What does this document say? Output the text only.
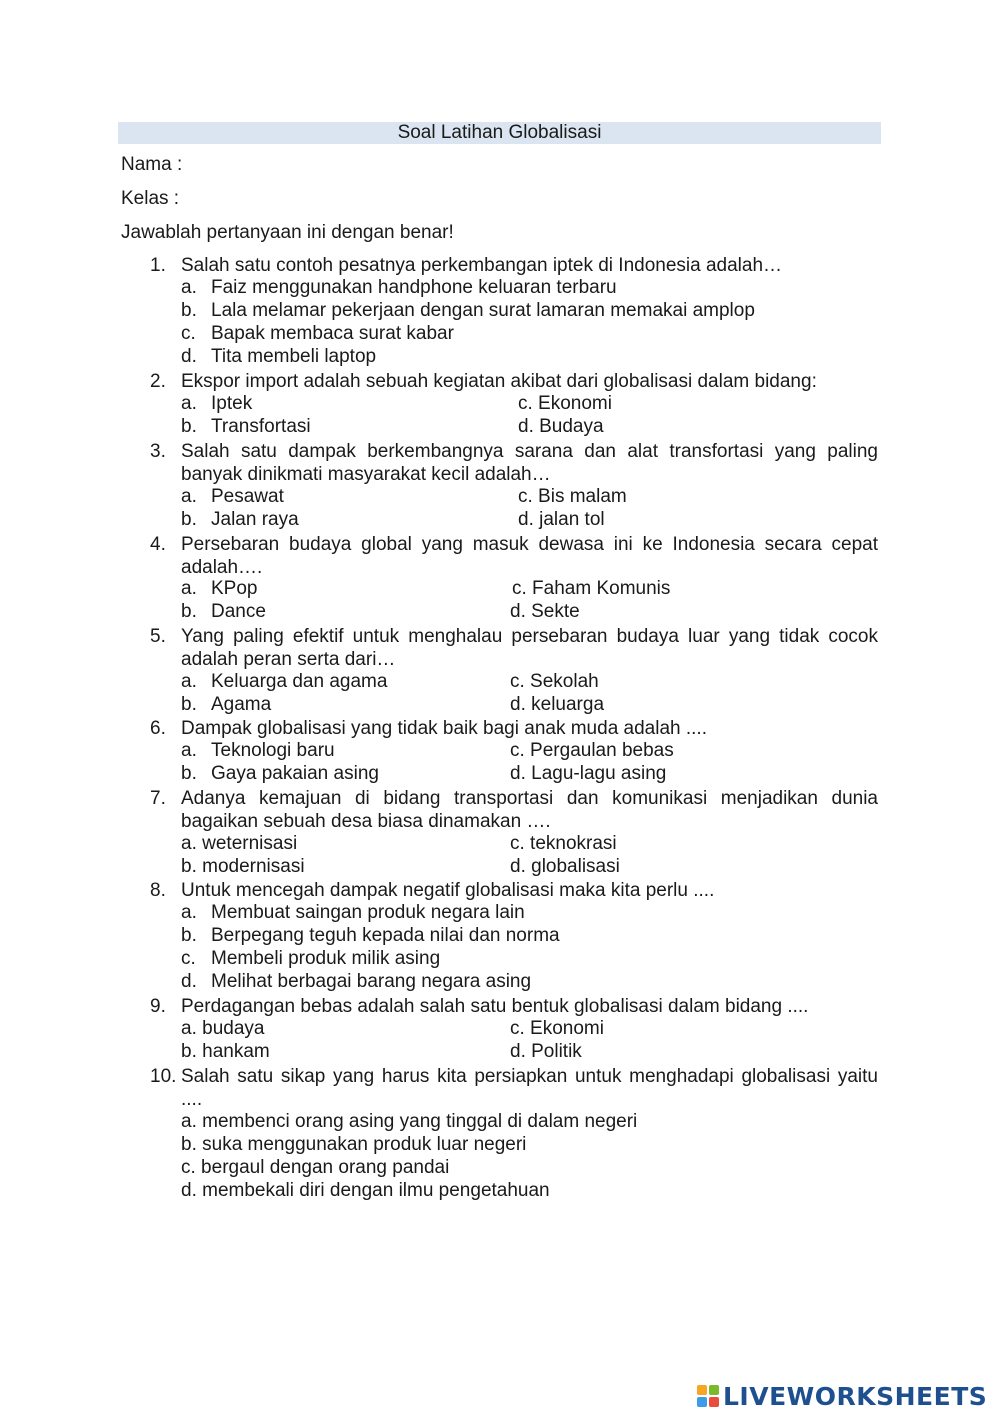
Soal Latihan Globalisasi
Nama :
Kelas :
Jawablah pertanyaan ini dengan benar!
1. Salah satu contoh pesatnya perkembangan iptek di Indonesia adalah…
a. Faiz menggunakan handphone keluaran terbaru
b. Lala melamar pekerjaan dengan surat lamaran memakai amplop
c. Bapak membaca surat kabar
d. Tita membeli laptop
2. Ekspor import adalah sebuah kegiatan akibat dari globalisasi dalam bidang:
a. Iptek	c. Ekonomi
b. Transfortasi	d. Budaya
3. Salah satu dampak berkembangnya sarana dan alat transfortasi yang paling banyak dinikmati masyarakat kecil adalah…
a. Pesawat	c. Bis malam
b. Jalan raya	d. jalan tol
4. Persebaran budaya global yang masuk dewasa ini ke Indonesia secara cepat adalah….
a. KPop	c. Faham Komunis
b. Dance	d. Sekte
5. Yang paling efektif untuk menghalau persebaran budaya luar yang tidak cocok adalah peran serta dari…
a. Keluarga dan agama	c. Sekolah
b. Agama	d. keluarga
6. Dampak globalisasi yang tidak baik bagi anak muda adalah ....
a. Teknologi baru	c. Pergaulan bebas
b. Gaya pakaian asing	d. Lagu-lagu asing
7. Adanya kemajuan di bidang transportasi dan komunikasi menjadikan dunia bagaikan sebuah desa biasa dinamakan ….
a. weternisasi	c. teknokrasi
b. modernisasi	d. globalisasi
8. Untuk mencegah dampak negatif globalisasi maka kita perlu ....
a. Membuat saingan produk negara lain
b. Berpegang teguh kepada nilai dan norma
c. Membeli produk milik asing
d. Melihat berbagai barang negara asing
9. Perdagangan bebas adalah salah satu bentuk globalisasi dalam bidang ....
a. budaya	c. Ekonomi
b. hankam	d. Politik
10. Salah satu sikap yang harus kita persiapkan untuk menghadapi globalisasi yaitu ....
a. membenci orang asing yang tinggal di dalam negeri
b. suka menggunakan produk luar negeri
c. bergaul dengan orang pandai
d. membekali diri dengan ilmu pengetahuan
LIVEWORKSHEETS
